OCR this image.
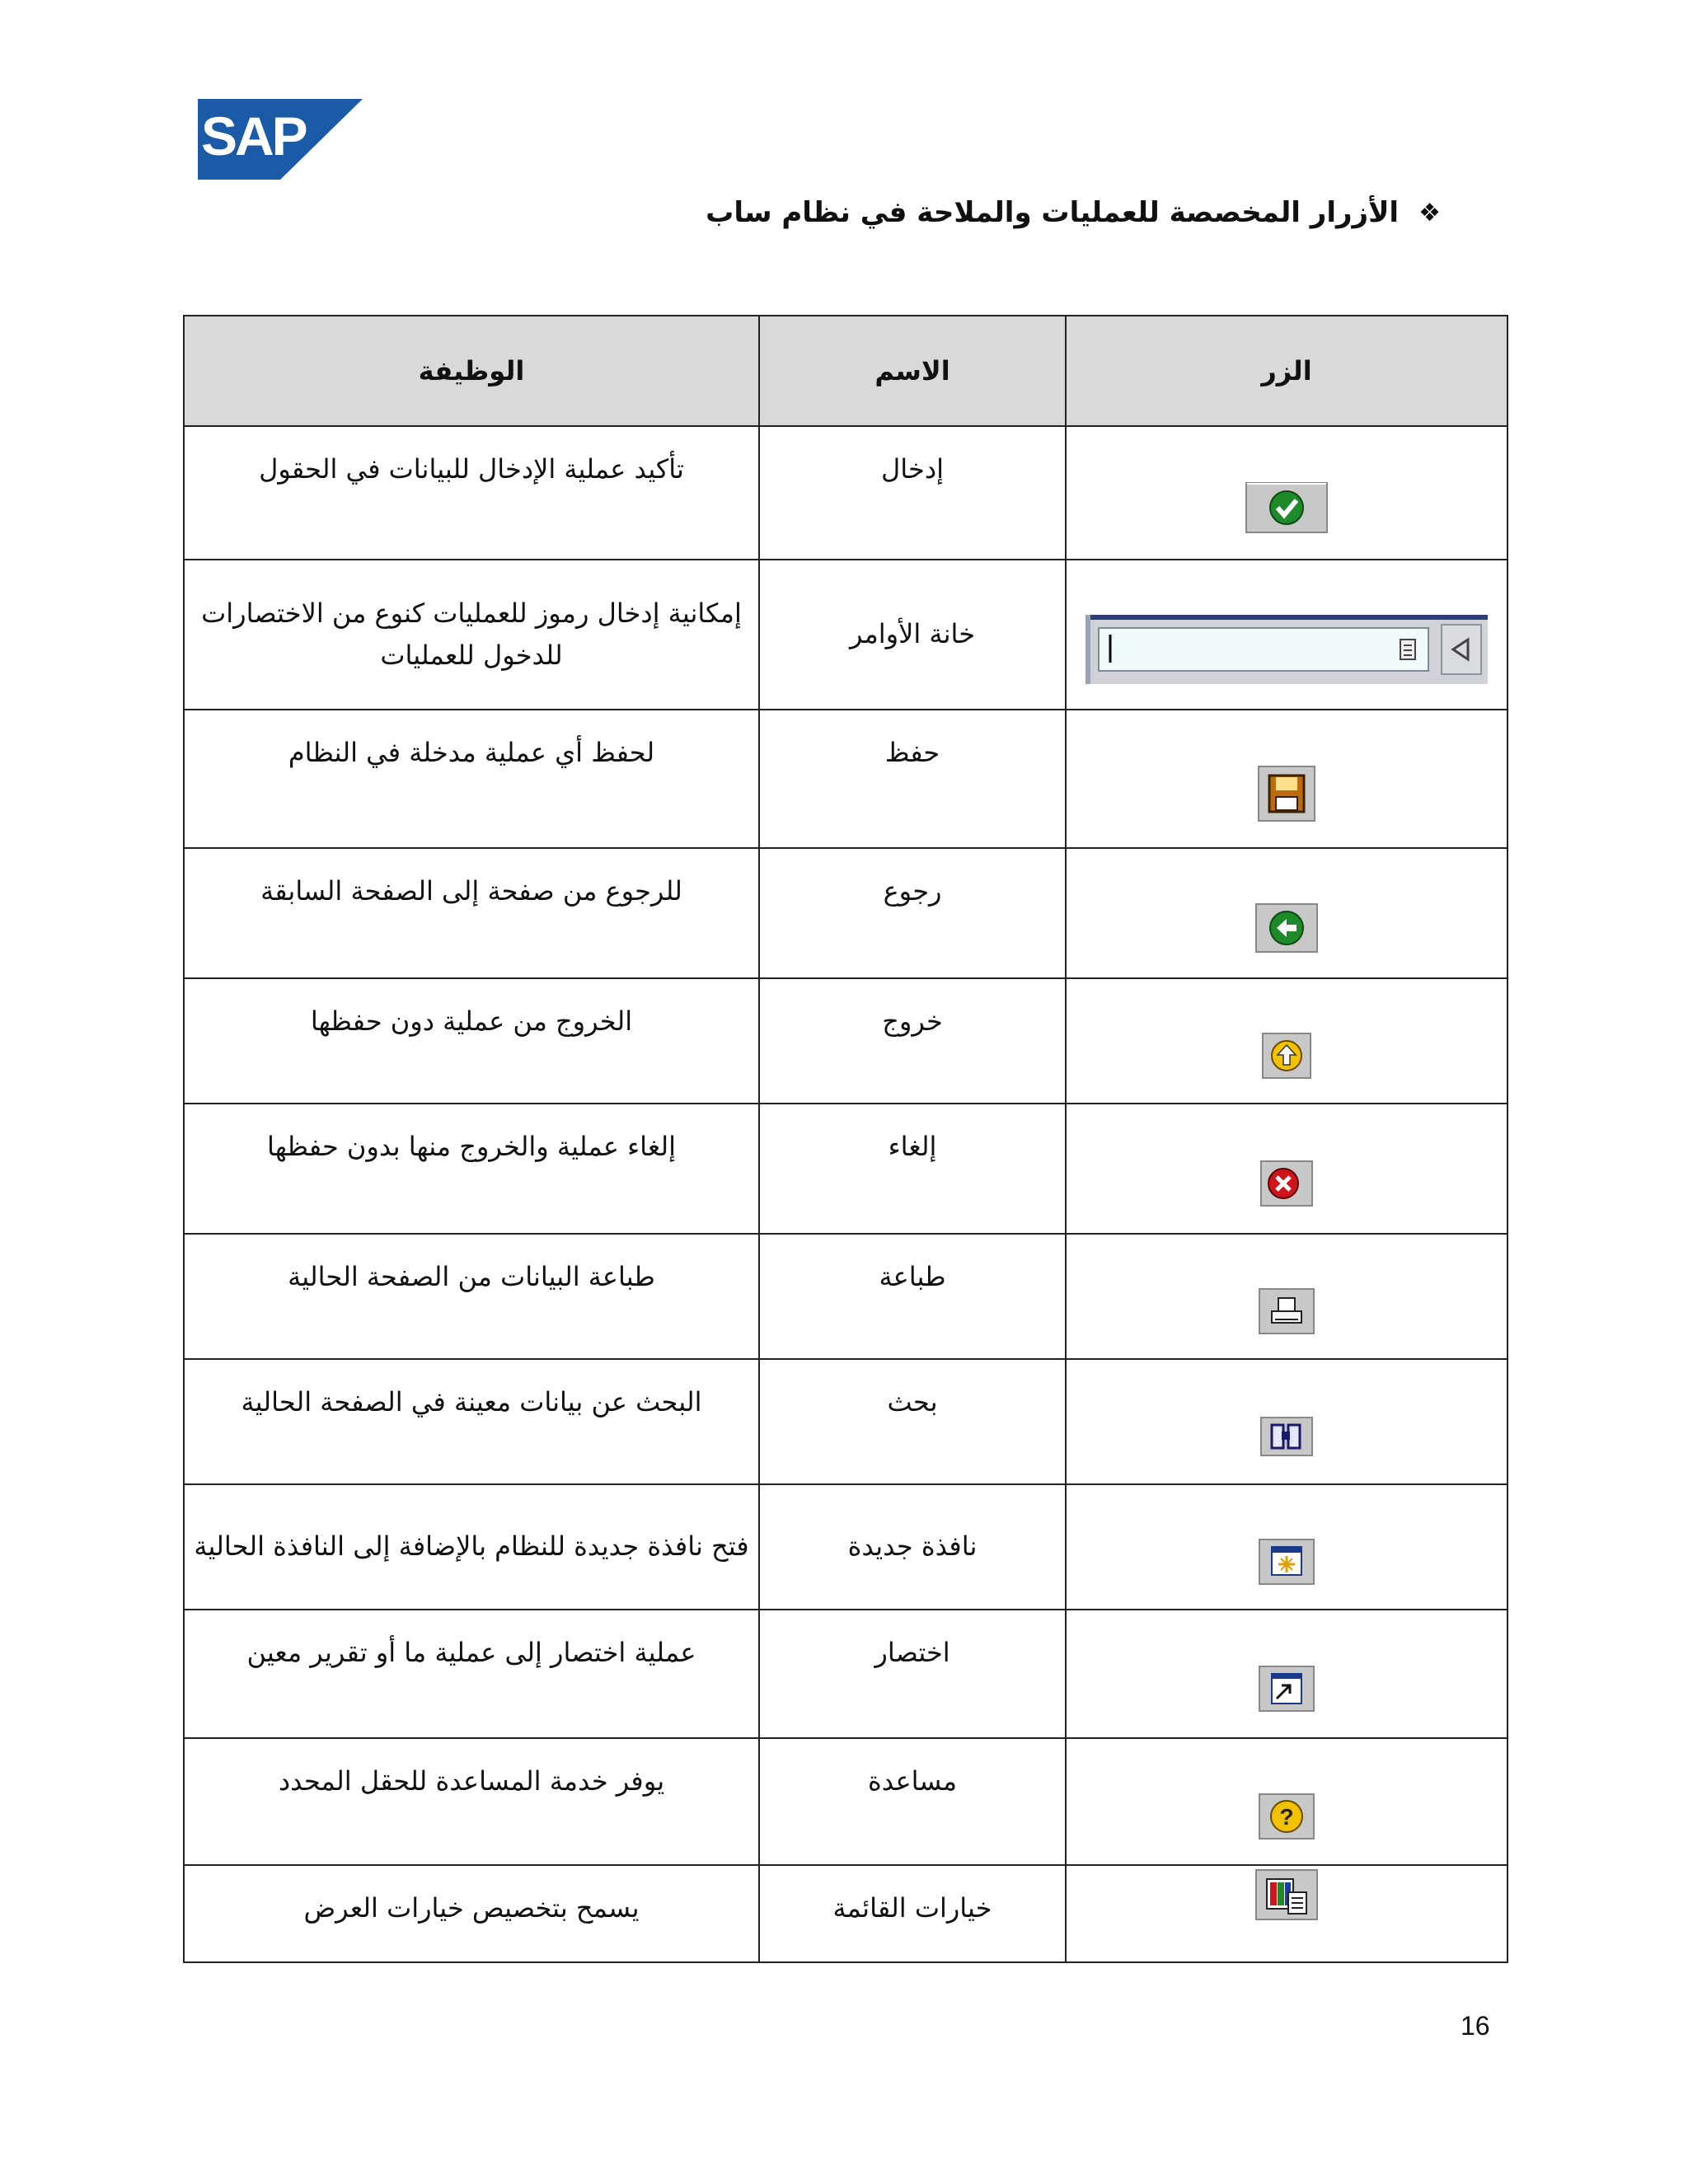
SAP
®
❖
الأزرار المخصصة للعمليات والملاحة في نظام ساب
الزر	الاسم	الوظيفة
	إدخال	تأكيد عملية الإدخال للبيانات في الحقول
	خانة الأوامر	إمكانية إدخال رموز للعمليات كنوع من الاختصارات للدخول للعمليات
	حفظ	لحفظ أي عملية مدخلة في النظام
	رجوع	للرجوع من صفحة إلى الصفحة السابقة
	خروج	الخروج من عملية دون حفظها
	إلغاء	إلغاء عملية والخروج منها بدون حفظها
	طباعة	طباعة البيانات من الصفحة الحالية
	بحث	البحث عن بيانات معينة في الصفحة الحالية
	نافذة جديدة	فتح نافذة جديدة للنظام بالإضافة إلى النافذة الحالية
	اختصار	عملية اختصار إلى عملية ما أو تقرير معين

?	مساعدة	يوفر خدمة المساعدة للحقل المحدد
	خيارات القائمة	يسمح بتخصيص خيارات العرض
16
